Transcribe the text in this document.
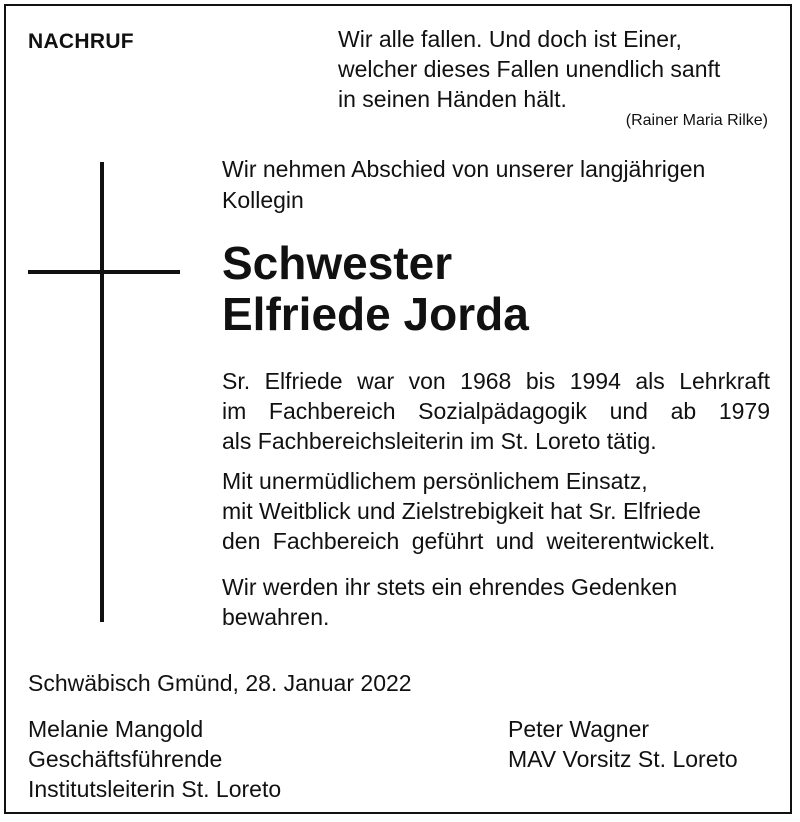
NACHRUF	Wir alle fallen. Und doch ist Einer,
welcher dieses Fallen unendlich sanft
in seinen Händen hält.
(Rainer Maria Rilke)
Wir nehmen Abschied von unserer langjährigen Kollegin
Schwester
Elfriede Jorda
Sr. Elfriede war von 1968 bis 1994 als Lehrkraft
im Fachbereich Sozialpädagogik und ab 1979
als Fachbereichsleiterin im St. Loreto tätig.
Mit unermüdlichem persönlichem Einsatz,
mit Weitblick und Zielstrebigkeit hat Sr. Elfriede
den Fachbereich geführt und weiterentwickelt.
Wir werden ihr stets ein ehrendes Gedenken
bewahren.
Schwäbisch Gmünd, 28. Januar 2022
Melanie Mangold
Geschäftsführende
Institutsleiterin St. Loreto
Peter Wagner
MAV Vorsitz St. Loreto
